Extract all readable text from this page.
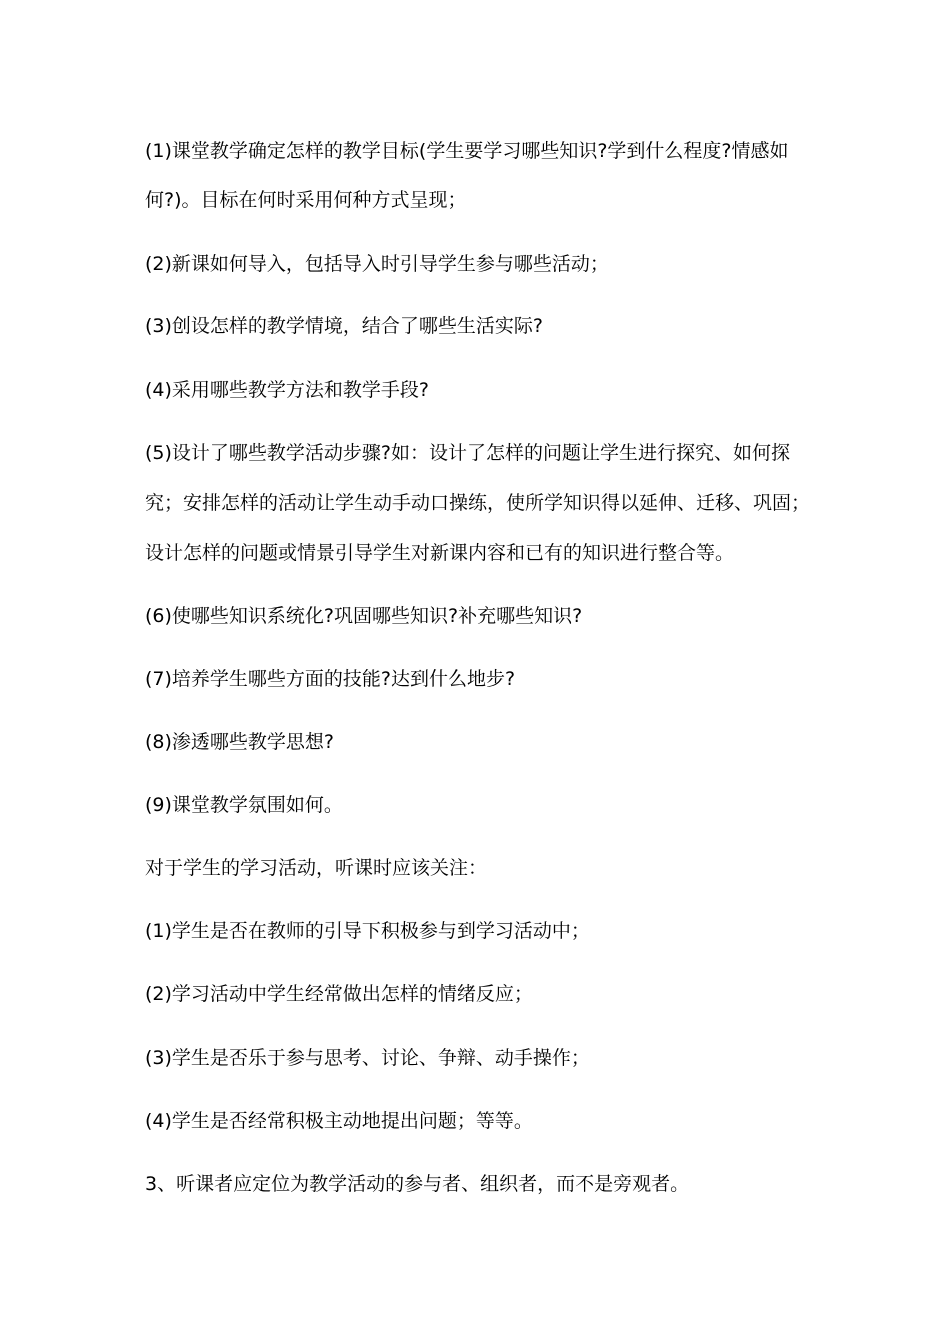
(1)课堂教学确定怎样的教学目标(学生要学习哪些知识?学到什么程度?情感如
何?)。目标在何时采用何种方式呈现；
(2)新课如何导入，包括导入时引导学生参与哪些活动；
(3)创设怎样的教学情境，结合了哪些生活实际?
(4)采用哪些教学方法和教学手段?
(5)设计了哪些教学活动步骤?如：设计了怎样的问题让学生进行探究、如何探
究；安排怎样的活动让学生动手动口操练，使所学知识得以延伸、迁移、巩固；
设计怎样的问题或情景引导学生对新课内容和已有的知识进行整合等。
(6)使哪些知识系统化?巩固哪些知识?补充哪些知识?
(7)培养学生哪些方面的技能?达到什么地步?
(8)渗透哪些教学思想?
(9)课堂教学氛围如何。
对于学生的学习活动，听课时应该关注：
(1)学生是否在教师的引导下积极参与到学习活动中；
(2)学习活动中学生经常做出怎样的情绪反应；
(3)学生是否乐于参与思考、讨论、争辩、动手操作；
(4)学生是否经常积极主动地提出问题；等等。
3、听课者应定位为教学活动的参与者、组织者，而不是旁观者。
